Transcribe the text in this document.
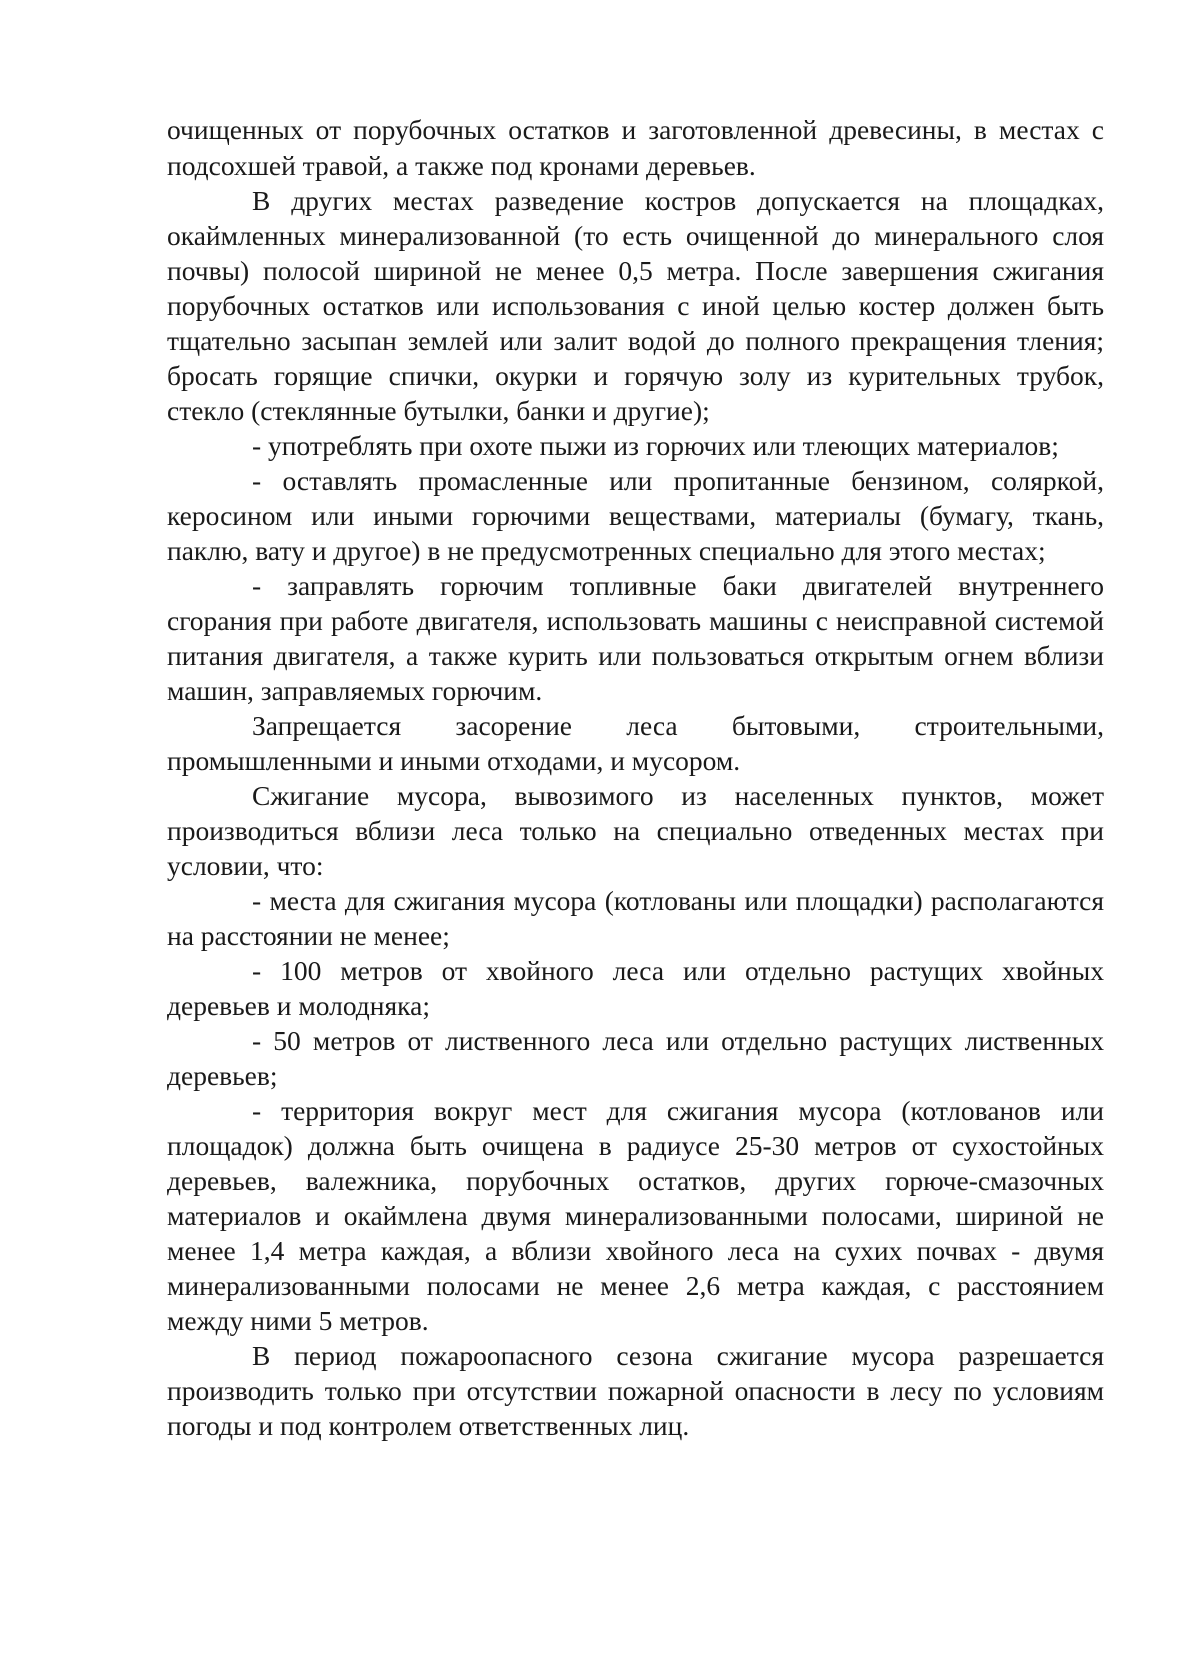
очищенных от порубочных остатков и заготовленной древесины, в местах с

подсохшей травой, а также под кронами деревьев.

В других местах разведение костров допускается на площадках,

окаймленных минерализованной (то есть очищенной до минерального слоя

почвы) полосой шириной не менее 0,5 метра. После завершения сжигания

порубочных остатков или использования с иной целью костер должен быть

тщательно засыпан землей или залит водой до полного прекращения тления;

бросать горящие спички, окурки и горячую золу из курительных трубок,

стекло (стеклянные бутылки, банки и другие);

- употреблять при охоте пыжи из горючих или тлеющих материалов;

- оставлять промасленные или пропитанные бензином, соляркой,

керосином или иными горючими веществами, материалы (бумагу, ткань,

паклю, вату и другое) в не предусмотренных специально для этого местах;

- заправлять горючим топливные баки двигателей внутреннего

сгорания при работе двигателя, использовать машины с неисправной системой

питания двигателя, а также курить или пользоваться открытым огнем вблизи

машин, заправляемых горючим.

Запрещается засорение леса бытовыми, строительными,

промышленными и иными отходами, и мусором.

Сжигание мусора, вывозимого из населенных пунктов, может

производиться вблизи леса только на специально отведенных местах при

условии, что:

- места для сжигания мусора (котлованы или площадки) располагаются

на расстоянии не менее;

- 100 метров от хвойного леса или отдельно растущих хвойных

деревьев и молодняка;

- 50 метров от лиственного леса или отдельно растущих лиственных

деревьев;

- территория вокруг мест для сжигания мусора (котлованов или

площадок) должна быть очищена в радиусе 25-30 метров от сухостойных

деревьев, валежника, порубочных остатков, других горюче-смазочных

материалов и окаймлена двумя минерализованными полосами, шириной не

менее 1,4 метра каждая, а вблизи хвойного леса на сухих почвах - двумя

минерализованными полосами не менее 2,6 метра каждая, с расстоянием

между ними 5 метров.

В период пожароопасного сезона сжигание мусора разрешается

производить только при отсутствии пожарной опасности в лесу по условиям

погоды и под контролем ответственных лиц.
